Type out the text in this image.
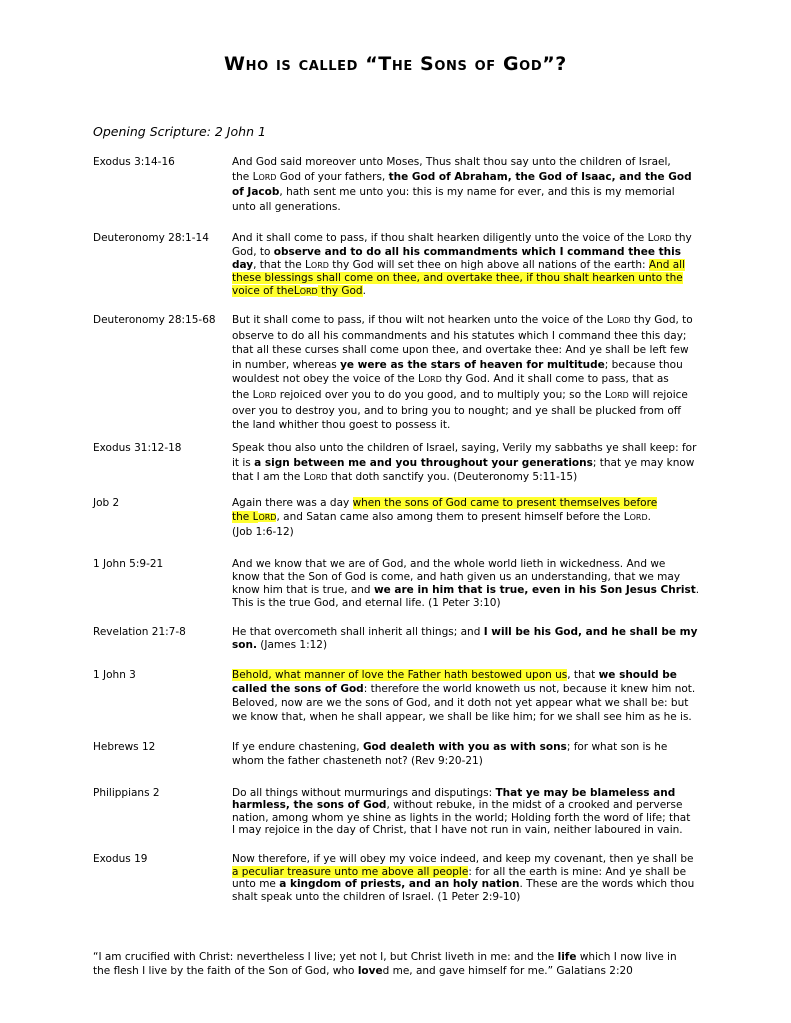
Who is called “The Sons of God”?
Opening Scripture: 2 John 1
Exodus 3:14-16	And God said moreover unto Moses, Thus shalt thou say unto the children of Israel,
the LORD God of your fathers, the God of Abraham, the God of Isaac, and the God
of Jacob, hath sent me unto you: this is my name for ever, and this is my memorial
unto all generations.
Deuteronomy 28:1-14 And it shall come to pass, if thou shalt hearken diligently unto the voice of the LORD thy
God, to observe and to do all his commandments which I command thee this
day, that the LORD thy God will set thee on high above all nations of the earth: And all
these blessings shall come on thee, and overtake thee, if thou shalt hearken unto the
voice of theLORD thy God.
Deuteronomy 28:15-68 But it shall come to pass, if thou wilt not hearken unto the voice of the LORD thy God, to
observe to do all his commandments and his statutes which I command thee this day;
that all these curses shall come upon thee, and overtake thee: And ye shall be left few
in number, whereas ye were as the stars of heaven for multitude; because thou
wouldest not obey the voice of the LORD thy God. And it shall come to pass, that as
the LORD rejoiced over you to do you good, and to multiply you; so the LORD will rejoice
over you to destroy you, and to bring you to nought; and ye shall be plucked from off
the land whither thou goest to possess it.
Exodus 31:12-18	Speak thou also unto the children of Israel, saying, Verily my sabbaths ye shall keep: for
it is a sign between me and you throughout your generations; that ye may know
that I am the LORD that doth sanctify you. (Deuteronomy 5:11-15)
Job 2	Again there was a day when the sons of God came to present themselves before
the LORD, and Satan came also among them to present himself before the LORD.
(Job 1:6-12)
1 John 5:9-21	And we know that we are of God, and the whole world lieth in wickedness. And we
know that the Son of God is come, and hath given us an understanding, that we may
know him that is true, and we are in him that is true, even in his Son Jesus Christ.
This is the true God, and eternal life. (1 Peter 3:10)
Revelation 21:7-8	He that overcometh shall inherit all things; and I will be his God, and he shall be my
son. (James 1:12)
1 John 3	Behold, what manner of love the Father hath bestowed upon us, that we should be
called the sons of God: therefore the world knoweth us not, because it knew him not.
Beloved, now are we the sons of God, and it doth not yet appear what we shall be: but
we know that, when he shall appear, we shall be like him; for we shall see him as he is.
Hebrews 12	If ye endure chastening, God dealeth with you as with sons; for what son is he
whom the father chasteneth not? (Rev 9:20-21)
Philippians 2	Do all things without murmurings and disputings: That ye may be blameless and
harmless, the sons of God, without rebuke, in the midst of a crooked and perverse
nation, among whom ye shine as lights in the world; Holding forth the word of life; that
I may rejoice in the day of Christ, that I have not run in vain, neither laboured in vain.
Exodus 19	Now therefore, if ye will obey my voice indeed, and keep my covenant, then ye shall be
a peculiar treasure unto me above all people: for all the earth is mine: And ye shall be
unto me a kingdom of priests, and an holy nation. These are the words which thou
shalt speak unto the children of Israel. (1 Peter 2:9-10)
“I am crucified with Christ: nevertheless I live; yet not I, but Christ liveth in me: and the life which I now live in
the flesh I live by the faith of the Son of God, who loved me, and gave himself for me.” Galatians 2:20
